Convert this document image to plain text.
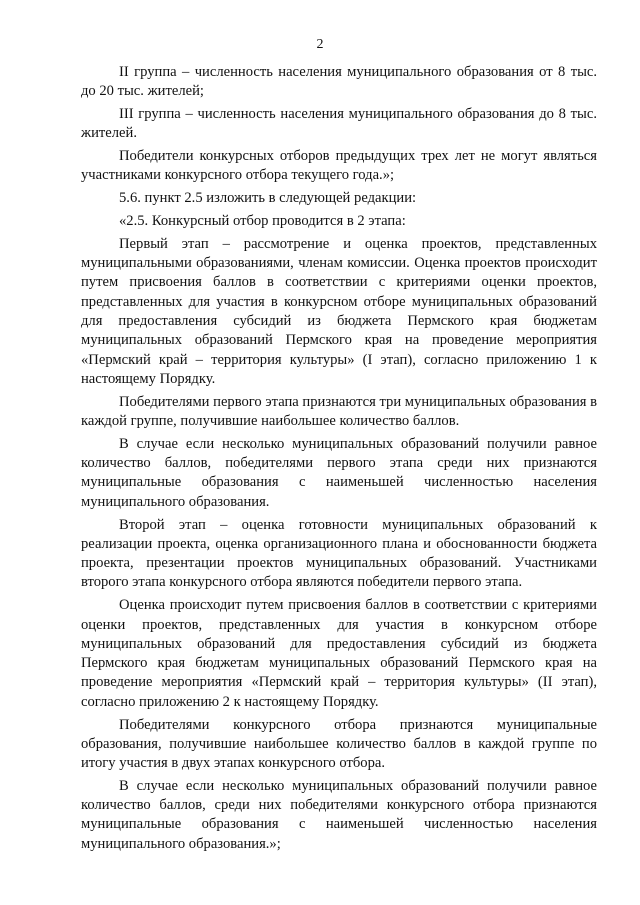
2

II группа – численность населения муниципального образования от 8 тыс. до 20 тыс. жителей;

III группа – численность населения муниципального образования до 8 тыс. жителей.

Победители конкурсных отборов предыдущих трех лет не могут являться участниками конкурсного отбора текущего года.»;

5.6. пункт 2.5 изложить в следующей редакции:

«2.5. Конкурсный отбор проводится в 2 этапа:

Первый этап – рассмотрение и оценка проектов, представленных муниципальными образованиями, членам комиссии. Оценка проектов происходит путем присвоения баллов в соответствии с критериями оценки проектов, представленных для участия в конкурсном отборе муниципальных образований для предоставления субсидий из бюджета Пермского края бюджетам муниципальных образований Пермского края на проведение мероприятия «Пермский край – территория культуры» (I этап), согласно приложению 1 к настоящему Порядку.

Победителями первого этапа признаются три муниципальных образования в каждой группе, получившие наибольшее количество баллов.

В случае если несколько муниципальных образований получили равное количество баллов, победителями первого этапа среди них признаются муниципальные образования с наименьшей численностью населения муниципального образования.

Второй этап – оценка готовности муниципальных образований к реализации проекта, оценка организационного плана и обоснованности бюджета проекта, презентации проектов муниципальных образований. Участниками второго этапа конкурсного отбора являются победители первого этапа.

Оценка происходит путем присвоения баллов в соответствии с критериями оценки проектов, представленных для участия в конкурсном отборе муниципальных образований для предоставления субсидий из бюджета Пермского края бюджетам муниципальных образований Пермского края на проведение мероприятия «Пермский край – территория культуры» (II этап), согласно приложению 2 к настоящему Порядку.

Победителями конкурсного отбора признаются муниципальные образования, получившие наибольшее количество баллов в каждой группе по итогу участия в двух этапах конкурсного отбора.

В случае если несколько муниципальных образований получили равное количество баллов, среди них победителями конкурсного отбора признаются муниципальные образования с наименьшей численностью населения муниципального образования.»;
